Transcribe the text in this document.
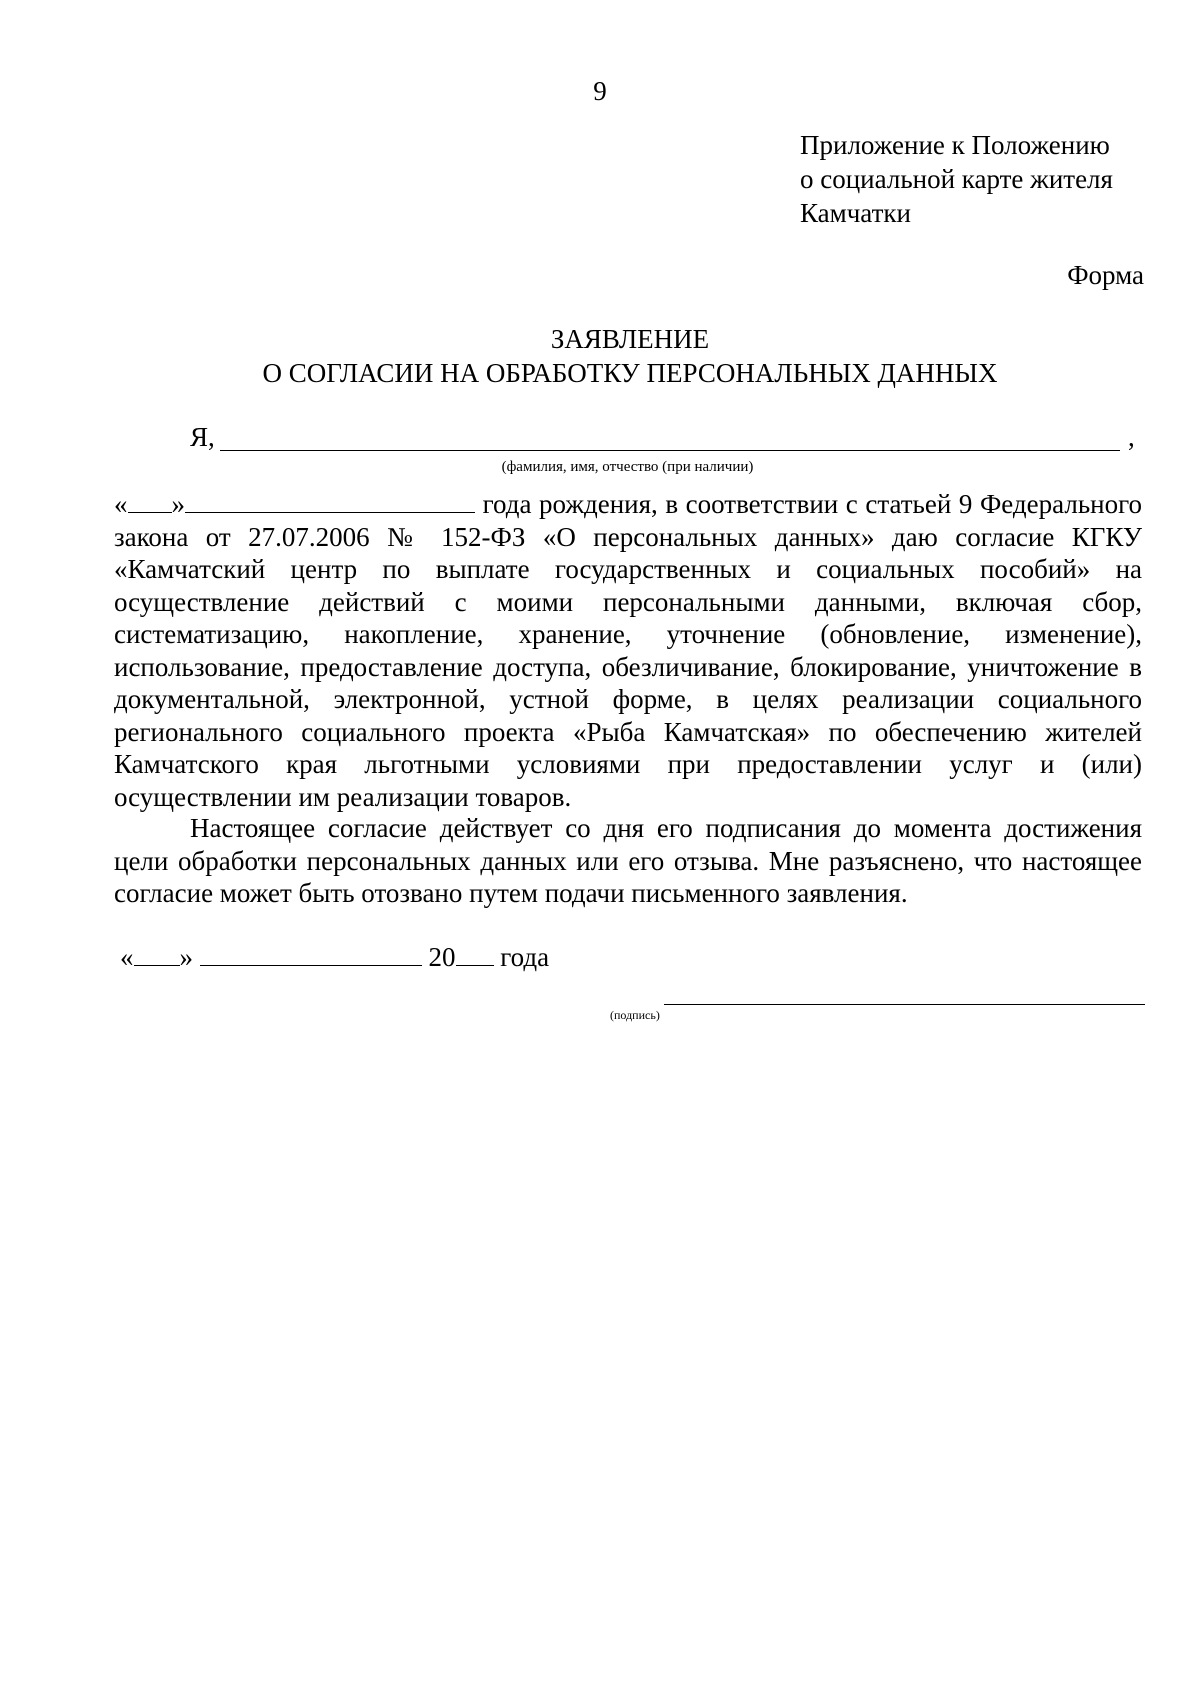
9
Приложение к Положению
о социальной карте жителя
Камчатки
Форма
ЗАЯВЛЕНИЕ
О СОГЛАСИИ НА ОБРАБОТКУ ПЕРСОНАЛЬНЫХ ДАННЫХ
Я,	,
(фамилия, имя, отчество (при наличии)
« »	года рождения, в соответствии с статьей 9 Федерального закона от 27.07.2006 № 152-ФЗ «О персональных данных» даю согласие КГКУ «Камчатский центр по выплате государственных и социальных пособий» на осуществление действий с моими персональными данными, включая сбор, систематизацию, накопление, хранение, уточнение (обновление, изменение), использование, предоставление доступа, обезличивание, блокирование, уничтожение в документальной, электронной, устной форме, в целях реализации социального регионального социального проекта «Рыба Камчатская» по обеспечению жителей Камчатского края льготными условиями при предоставлении услуг и (или) осуществлении им реализации товаров.
Настоящее согласие действует со дня его подписания до момента достижения цели обработки персональных данных или его отзыва. Мне разъяснено, что настоящее согласие может быть отозвано путем подачи письменного заявления.
« »	20 года
(подпись)
